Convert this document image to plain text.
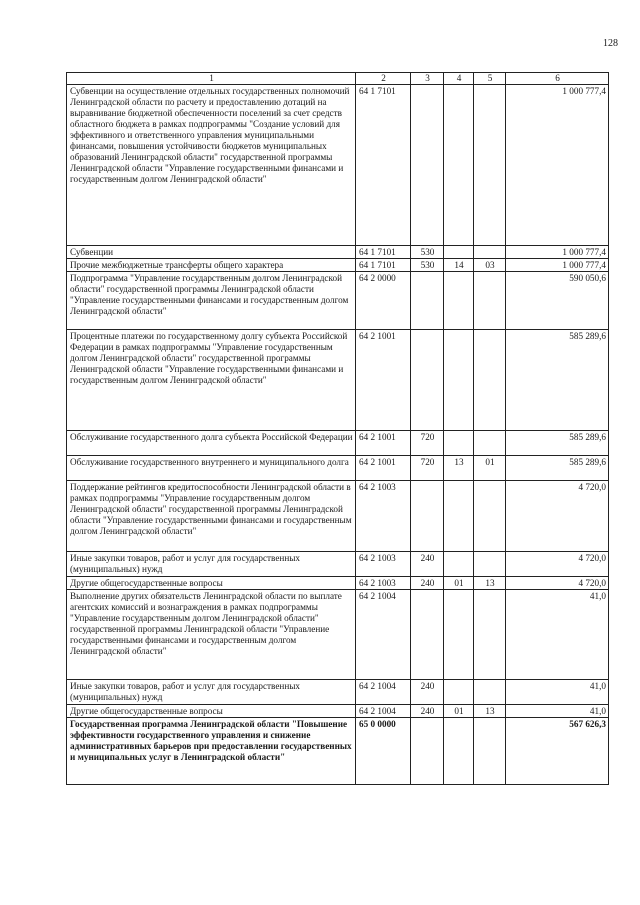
128
1	2	3	4	5	6
Субвенции на осуществление отдельных государственных полномочий Ленинградской области по расчету и предоставлению дотаций на выравнивание бюджетной обеспеченности поселений за счет средств областного бюджета в рамках подпрограммы "Создание условий для эффективного и ответственного управления муниципальными финансами, повышения устойчивости бюджетов муниципальных образований Ленинградской области" государственной программы Ленинградской области "Управление государственными финансами и государственным долгом Ленинградской области"	64 1 7101				1 000 777,4
Субвенции	64 1 7101	530			1 000 777,4
Прочие межбюджетные трансферты общего характера	64 1 7101	530	14	03	1 000 777,4
Подпрограмма "Управление государственным долгом Ленинградской области" государственной программы Ленинградской области "Управление государственными финансами и государственным долгом Ленинградской области"	64 2 0000				590 050,6
Процентные платежи по государственному долгу субъекта Российской Федерации в рамках подпрограммы "Управление государственным долгом Ленинградской области" государственной программы Ленинградской области "Управление государственными финансами и государственным долгом Ленинградской области"	64 2 1001				585 289,6
Обслуживание государственного долга субъекта Российской Федерации	64 2 1001	720			585 289,6
Обслуживание государственного внутреннего и муниципального долга	64 2 1001	720	13	01	585 289,6
Поддержание рейтингов кредитоспособности Ленинградской области в рамках подпрограммы "Управление государственным долгом Ленинградской области" государственной программы Ленинградской области "Управление государственными финансами и государственным долгом Ленинградской области"	64 2 1003				4 720,0
Иные закупки товаров, работ и услуг для государственных (муниципальных) нужд	64 2 1003	240			4 720,0
Другие общегосударственные вопросы	64 2 1003	240	01	13	4 720,0
Выполнение других обязательств Ленинградской области по выплате агентских комиссий и вознаграждения в рамках подпрограммы "Управление государственным долгом Ленинградской области" государственной программы Ленинградской области "Управление государственными финансами и государственным долгом Ленинградской области"	64 2 1004				41,0
Иные закупки товаров, работ и услуг для государственных (муниципальных) нужд	64 2 1004	240			41,0
Другие общегосударственные вопросы	64 2 1004	240	01	13	41,0
Государственная программа Ленинградской области "Повышение эффективности государственного управления и снижение административных барьеров при предоставлении государственных и муниципальных услуг в Ленинградской области"	65 0 0000				567 626,3
